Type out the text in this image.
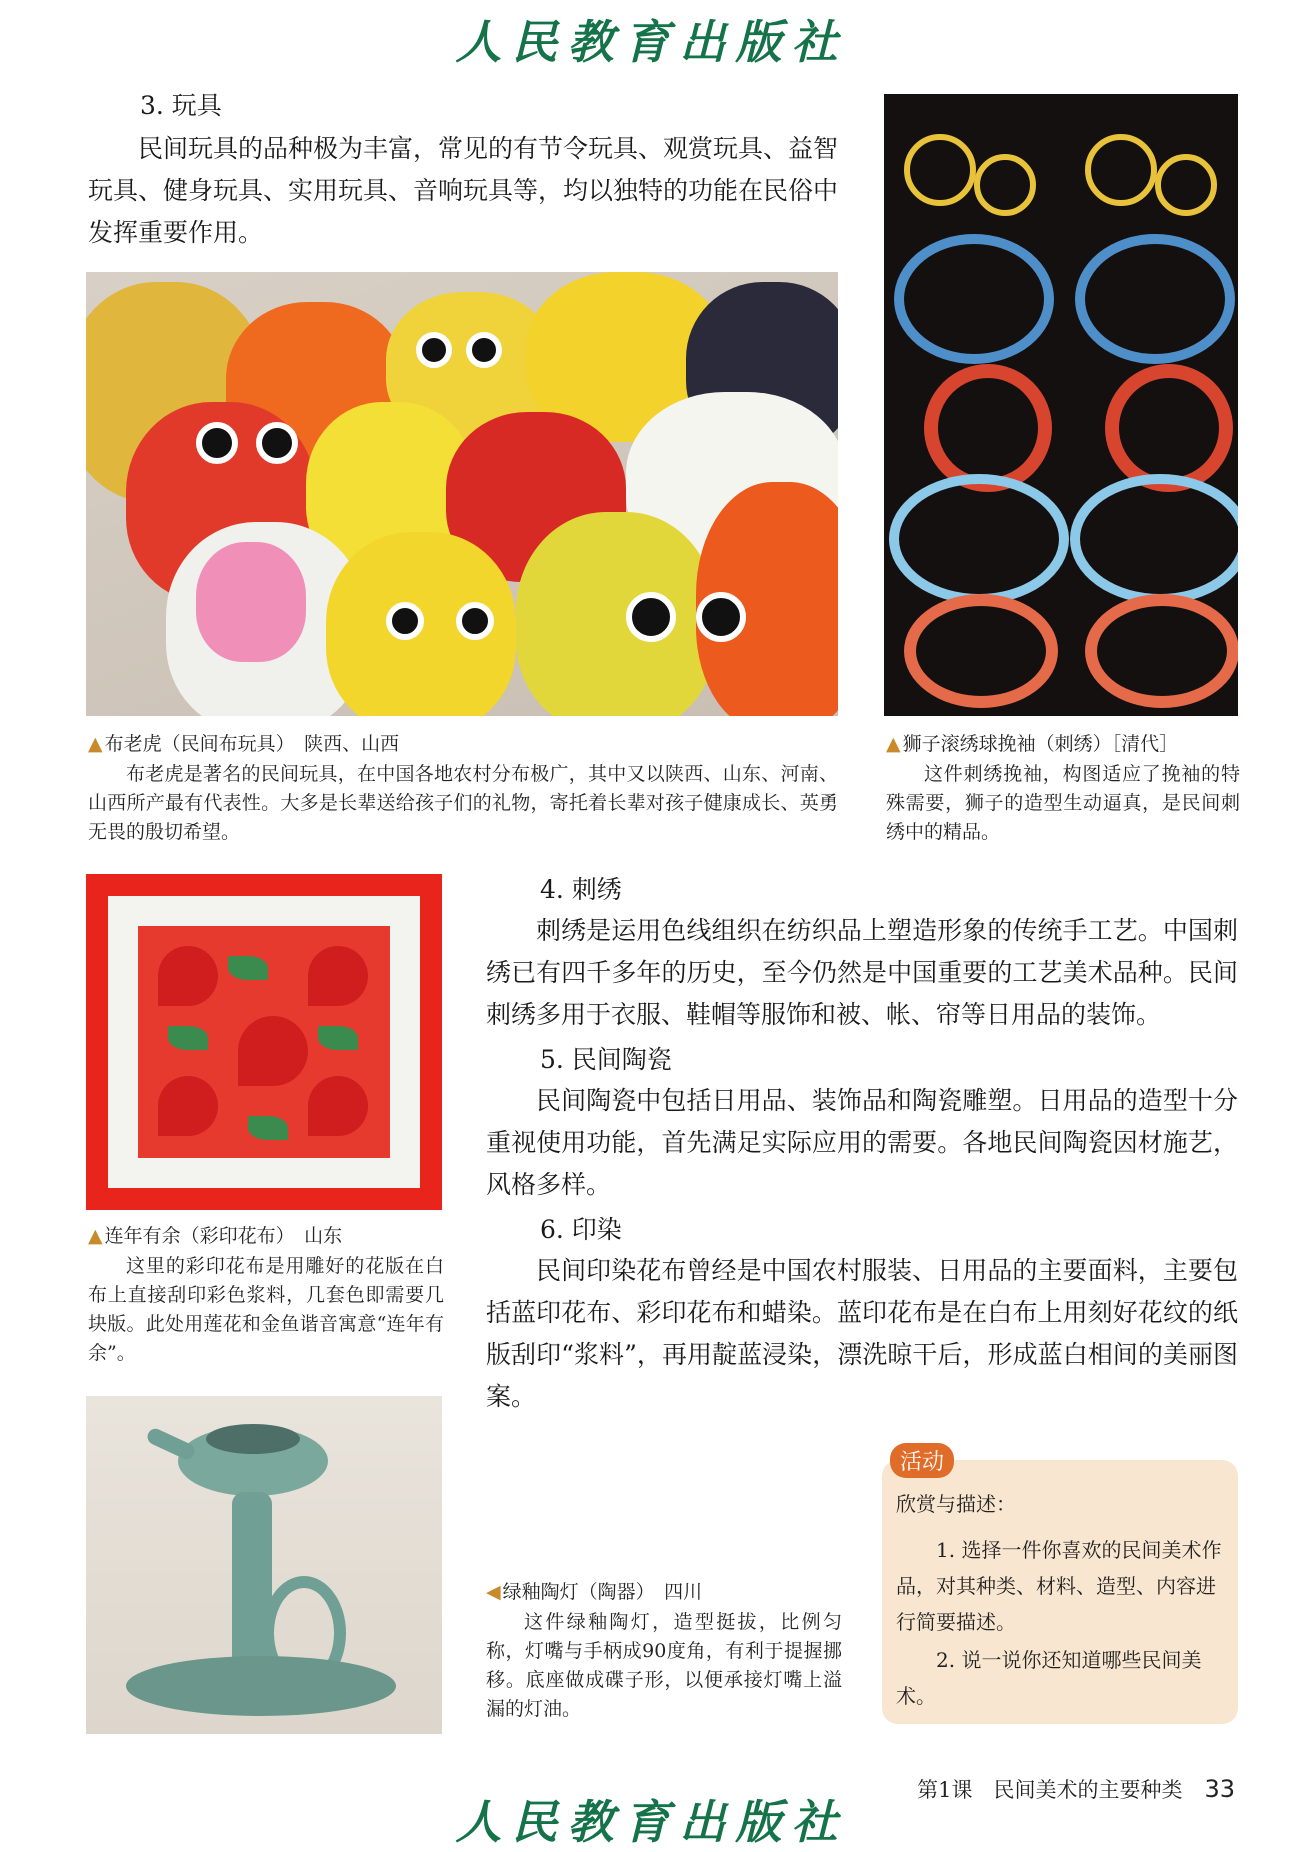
人民教育出版社
3. 玩具
民间玩具的品种极为丰富，常见的有节令玩具、观赏玩具、益智玩具、健身玩具、实用玩具、音响玩具等，均以独特的功能在民俗中发挥重要作用。
▲ 布老虎（民间布玩具）　陕西、山西
布老虎是著名的民间玩具，在中国各地农村分布极广，其中又以陕西、山东、河南、山西所产最有代表性。大多是长辈送给孩子们的礼物，寄托着长辈对孩子健康成长、英勇无畏的殷切希望。
▲ 狮子滚绣球挽袖（刺绣）［清代］
这件刺绣挽袖，构图适应了挽袖的特殊需要，狮子的造型生动逼真，是民间刺绣中的精品。
▲ 连年有余（彩印花布）　山东
这里的彩印花布是用雕好的花版在白布上直接刮印彩色浆料，几套色即需要几块版。此处用莲花和金鱼谐音寓意“连年有余”。
4. 刺绣
刺绣是运用色线组织在纺织品上塑造形象的传统手工艺。中国刺绣已有四千多年的历史，至今仍然是中国重要的工艺美术品种。民间刺绣多用于衣服、鞋帽等服饰和被、帐、帘等日用品的装饰。
5. 民间陶瓷
民间陶瓷中包括日用品、装饰品和陶瓷雕塑。日用品的造型十分重视使用功能，首先满足实际应用的需要。各地民间陶瓷因材施艺，风格多样。
6. 印染
民间印染花布曾经是中国农村服装、日用品的主要面料，主要包括蓝印花布、彩印花布和蜡染。蓝印花布是在白布上用刻好花纹的纸版刮印“浆料”，再用靛蓝浸染，漂洗晾干后，形成蓝白相间的美丽图案。
◀ 绿釉陶灯（陶器）　四川
这件绿釉陶灯，造型挺拔，比例匀称，灯嘴与手柄成90度角，有利于提握挪移。底座做成碟子形，以便承接灯嘴上溢漏的灯油。
欣赏与描述：
1. 选择一件你喜欢的民间美术作品，对其种类、材料、造型、内容进行简要描述。
2. 说一说你还知道哪些民间美术。
活动
第1课　民间美术的主要种类 33
人民教育出版社
